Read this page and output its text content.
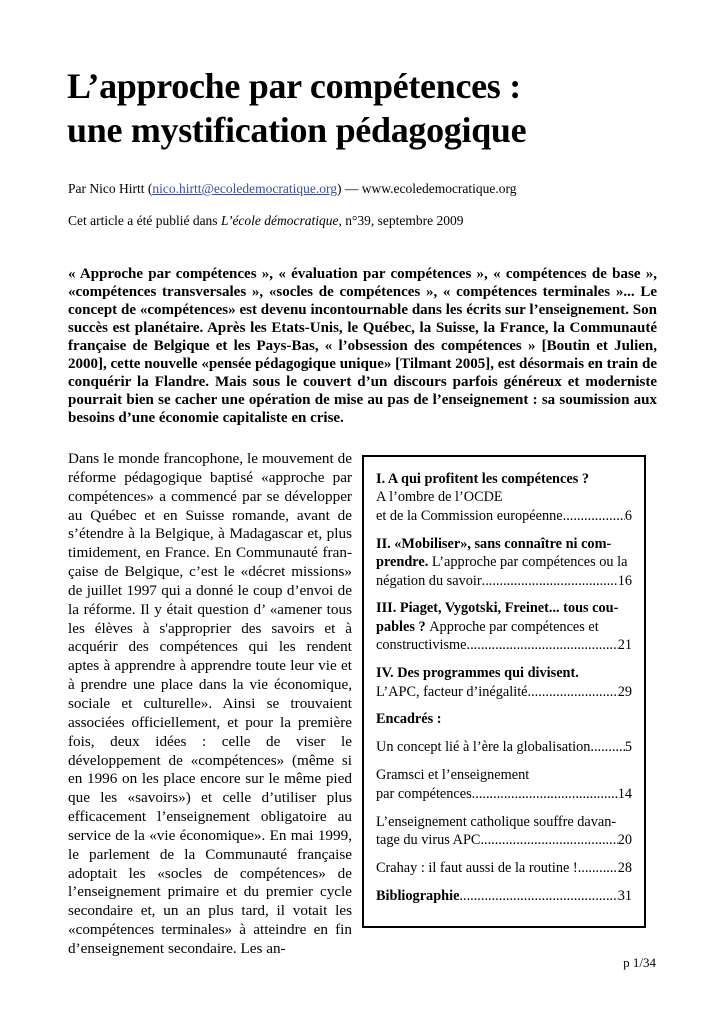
L’approche par compétences :
une mystification pédagogique
Par Nico Hirtt (nico.hirtt@ecoledemocratique.org) — www.ecoledemocratique.org
Cet article a été publié dans L’école démocratique, n°39, septembre 2009
« Approche par compétences », « évaluation par compétences », « compétences de base », «compétences transversales », «socles de compétences », « compétences terminales »... Le concept de «compétences» est devenu incontournable dans les écrits sur l’enseignement. Son succès est planétaire. Après les Etats-Unis, le Québec, la Suisse, la France, la Communauté française de Belgique et les Pays-Bas, « l’obsession des compétences » [Boutin et Julien, 2000], cette nouvelle «pensée pédagogique unique» [Tilmant 2005], est désormais en train de conquérir la Flandre. Mais sous le couvert d’un discours parfois généreux et moderniste pourrait bien se cacher une opération de mise au pas de l’enseignement : sa soumission aux besoins d’une économie capitaliste en crise.
Dans le monde francophone, le mouvement de réforme pédagogique baptisé «approche par compétences» a commencé par se développer au Québec et en Suisse romande, avant de s’étendre à la Belgique, à Madagascar et, plus timidement, en France. En Communauté française de Belgique, c’est le «décret missions» de juillet 1997 qui a donné le coup d’envoi de la réforme. Il y était question d’ «amener tous les élèves à s'approprier des savoirs et à acquérir des compétences qui les rendent aptes à apprendre à apprendre toute leur vie et à prendre une place dans la vie économique, sociale et culturelle». Ainsi se trouvaient associées officiellement, et pour la première fois, deux idées : celle de viser le développement de «compétences» (même si en 1996 on les place encore sur le même pied que les «savoirs») et celle d’utiliser plus efficacement l’enseignement obligatoire au service de la «vie économique». En mai 1999, le parlement de la Communauté française adoptait les «socles de compétences» de l’enseignement primaire et du premier cycle secondaire et, un an plus tard, il votait les «compétences terminales» à atteindre en fin d’enseignement secondaire. Les an-
I. A qui profitent les compétences ?
A l’ombre de l’OCDE
et de la Commission européenne. .....	6
II. «Mobiliser», sans connaître ni com-
prendre. L’approche par compétences ou la
négation du savoir .....	16
III. Piaget, Vygotski, Freinet... tous cou-
pables ? Approche par compétences et
constructivisme .....	21
IV. Des programmes qui divisent.
L’APC, facteur d’inégalité .....	29
Encadrés :
Un concept lié à l’ère la globalisation ..... 5
Gramsci et l’enseignement
par compétences .....	14
L’enseignement catholique souffre davan-
tage du virus APC .....	20
Crahay : il faut aussi de la routine ! .....	28
Bibliographie .....	31
p 1/34
